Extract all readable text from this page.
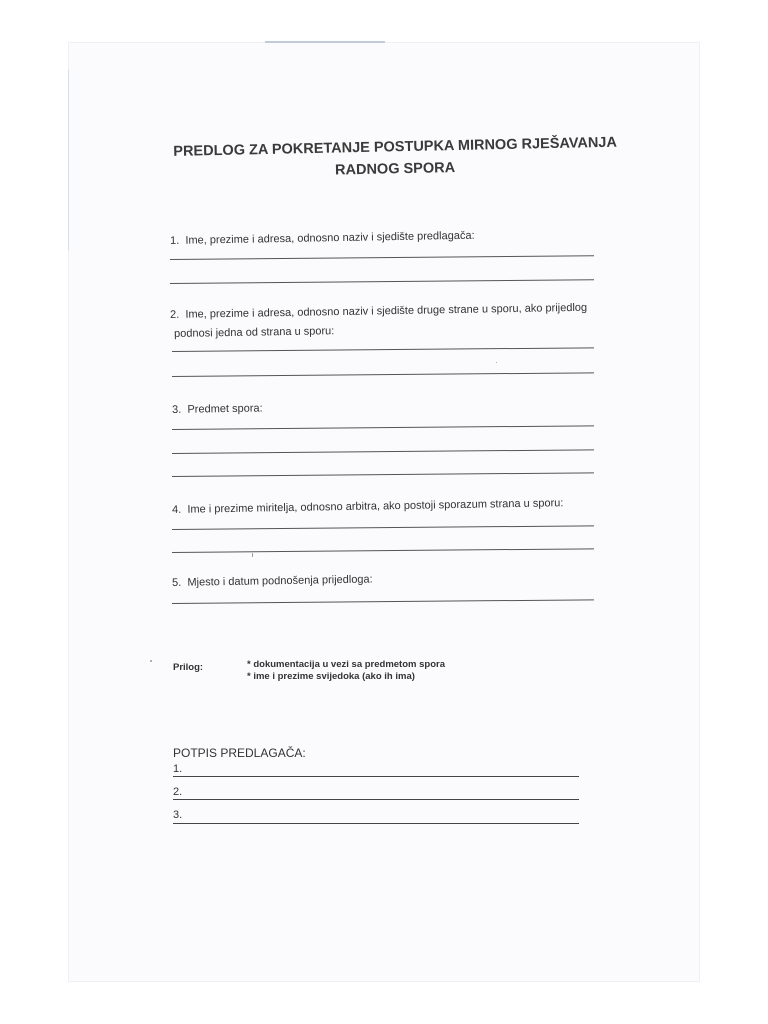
PREDLOG ZA POKRETANJE POSTUPKA MIRNOG RJEŠAVANJA
RADNOG SPORA
1. Ime, prezime i adresa, odnosno naziv i sjedište predlagača:
2. Ime, prezime i adresa, odnosno naziv i sjedište druge strane u sporu, ako prijedlog
podnosi jedna od strana u sporu:
3. Predmet spora:
4. Ime i prezime miritelja, odnosno arbitra, ako postoji sporazum strana u sporu:
5. Mjesto i datum podnošenja prijedloga:
Prilog:	* dokumentacija u vezi sa predmetom spora
* ime i prezime svijedoka (ako ih ima)
POTPIS PREDLAGAČA:
1.
2.
3.
